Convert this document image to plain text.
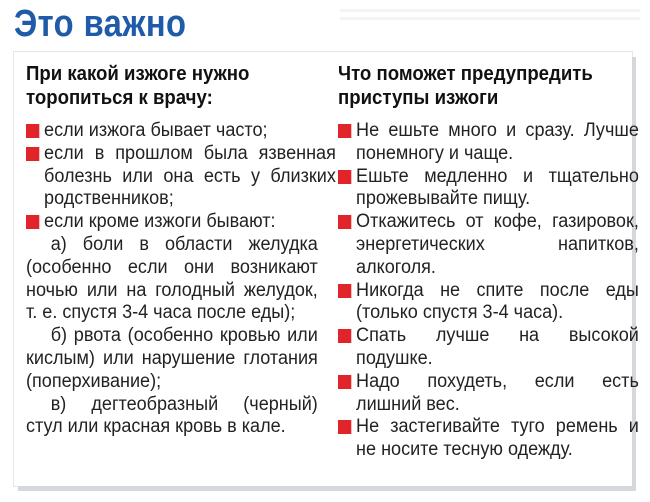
Это важно
При какой изжоге нужно торопиться к врачу:
если изжога бывает часто;
если в прошлом была язвенная болезнь или она есть у близких родственников;
если кроме изжоги бывают:
а) боли в области желудка (особенно если они возникают ночью или на голодный желудок, т. е. спустя 3-4 часа после еды);
б) рвота (особенно кровью или кислым) или нарушение глотания (поперхивание);
в) дегтеобразный (черный) стул или красная кровь в кале.
Что поможет предупредить приступы изжоги
Не ешьте много и сразу. Лучше понемногу и чаще.
Ешьте медленно и тщательно прожевывайте пищу.
Откажитесь от кофе, газировок, энергетических напитков, алкоголя.
Никогда не спите после еды (только спустя 3-4 часа).
Спать лучше на высокой подушке.
Надо похудеть, если есть лишний вес.
Не застегивайте туго ремень и не носите тесную одежду.
